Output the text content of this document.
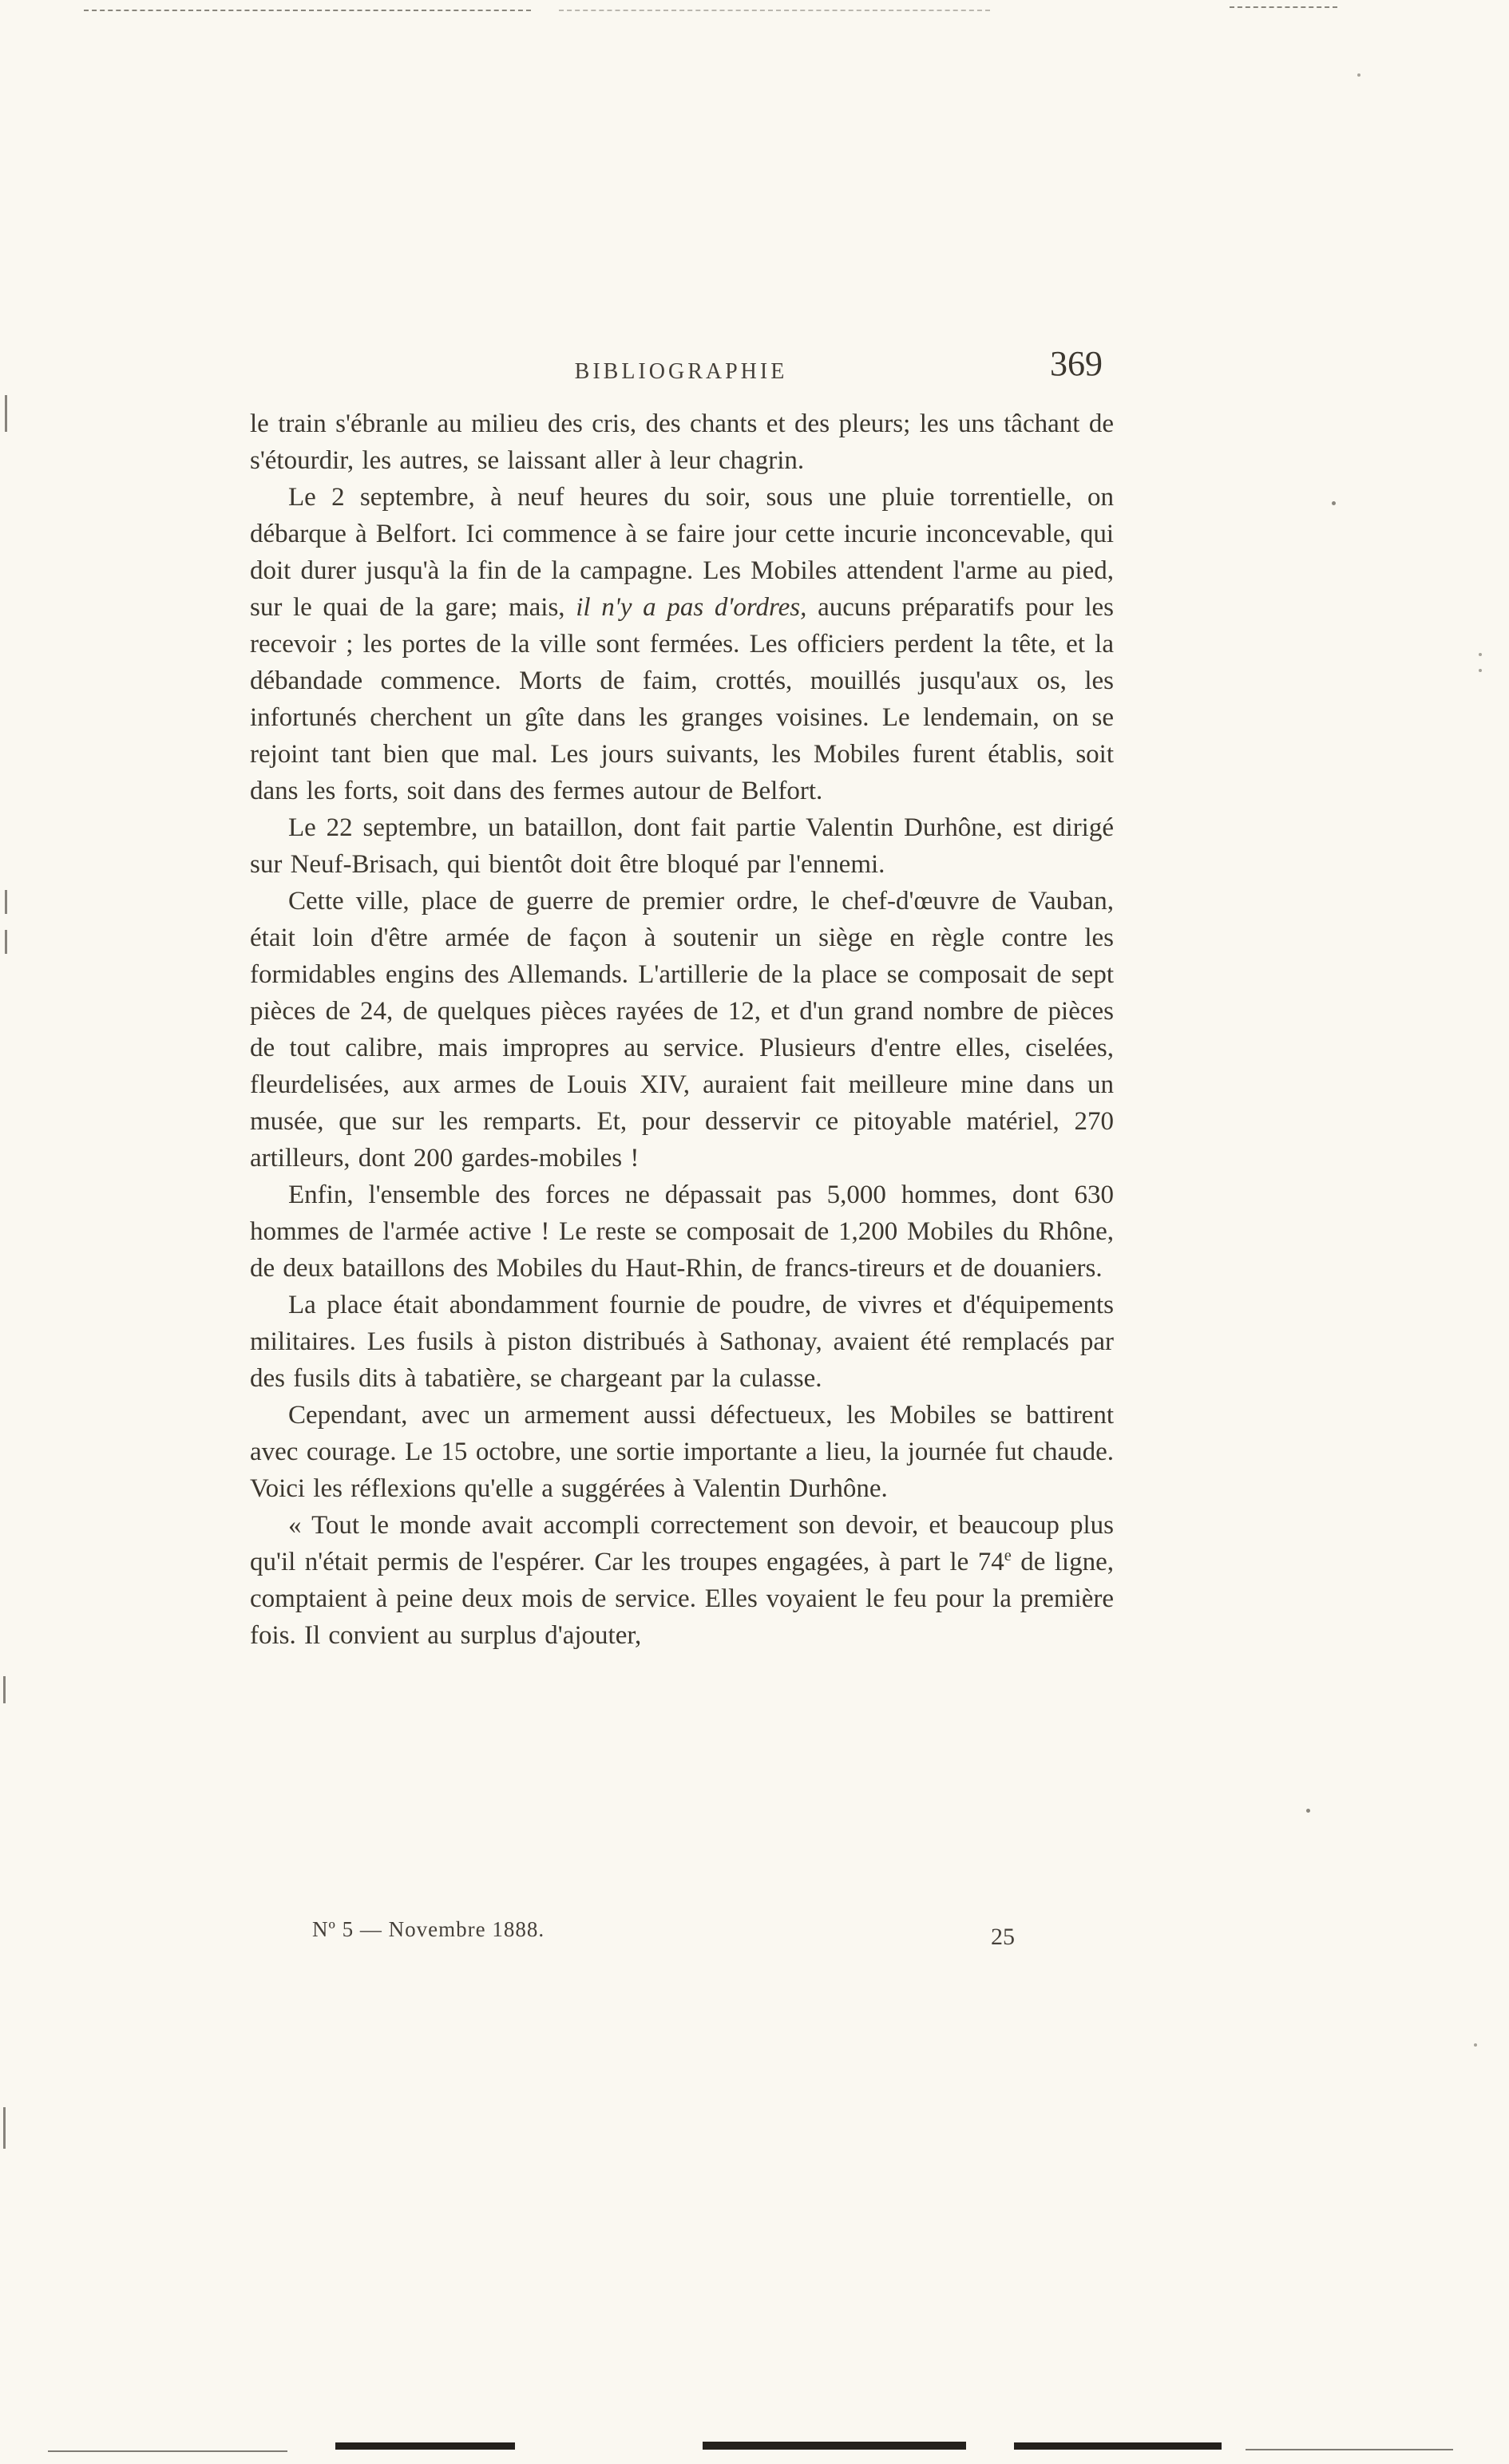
BIBLIOGRAPHIE	369

le train s'ébranle au milieu des cris, des chants et des pleurs; les uns tâchant de s'étourdir, les autres, se laissant aller à leur chagrin.

Le 2 septembre, à neuf heures du soir, sous une pluie torrentielle, on débarque à Belfort. Ici commence à se faire jour cette incurie inconcevable, qui doit durer jusqu'à la fin de la campagne. Les Mobiles attendent l'arme au pied, sur le quai de la gare; mais, il n'y a pas d'ordres, aucuns préparatifs pour les recevoir ; les portes de la ville sont fermées. Les officiers perdent la tête, et la débandade commence. Morts de faim, crottés, mouillés jusqu'aux os, les infortunés cherchent un gîte dans les granges voisines. Le lendemain, on se rejoint tant bien que mal. Les jours suivants, les Mobiles furent établis, soit dans les forts, soit dans des fermes autour de Belfort.

Le 22 septembre, un bataillon, dont fait partie Valentin Durhône, est dirigé sur Neuf-Brisach, qui bientôt doit être bloqué par l'ennemi.

Cette ville, place de guerre de premier ordre, le chef-d'œuvre de Vauban, était loin d'être armée de façon à soutenir un siège en règle contre les formidables engins des Allemands. L'artillerie de la place se composait de sept pièces de 24, de quelques pièces rayées de 12, et d'un grand nombre de pièces de tout calibre, mais impropres au service. Plusieurs d'entre elles, ciselées, fleurdelisées, aux armes de Louis XIV, auraient fait meilleure mine dans un musée, que sur les remparts. Et, pour desservir ce pitoyable matériel, 270 artilleurs, dont 200 gardes-mobiles !

Enfin, l'ensemble des forces ne dépassait pas 5,000 hommes, dont 630 hommes de l'armée active ! Le reste se composait de 1,200 Mobiles du Rhône, de deux bataillons des Mobiles du Haut-Rhin, de francs-tireurs et de douaniers.

La place était abondamment fournie de poudre, de vivres et d'équipements militaires. Les fusils à piston distribués à Sathonay, avaient été remplacés par des fusils dits à tabatière, se chargeant par la culasse.

Cependant, avec un armement aussi défectueux, les Mobiles se battirent avec courage. Le 15 octobre, une sortie importante a lieu, la journée fut chaude. Voici les réflexions qu'elle a suggérées à Valentin Durhône.

« Tout le monde avait accompli correctement son devoir, et beaucoup plus qu'il n'était permis de l'espérer. Car les troupes engagées, à part le 74e de ligne, comptaient à peine deux mois de service. Elles voyaient le feu pour la première fois. Il convient au surplus d'ajouter,

Nº 5 — Novembre 1888.	25
